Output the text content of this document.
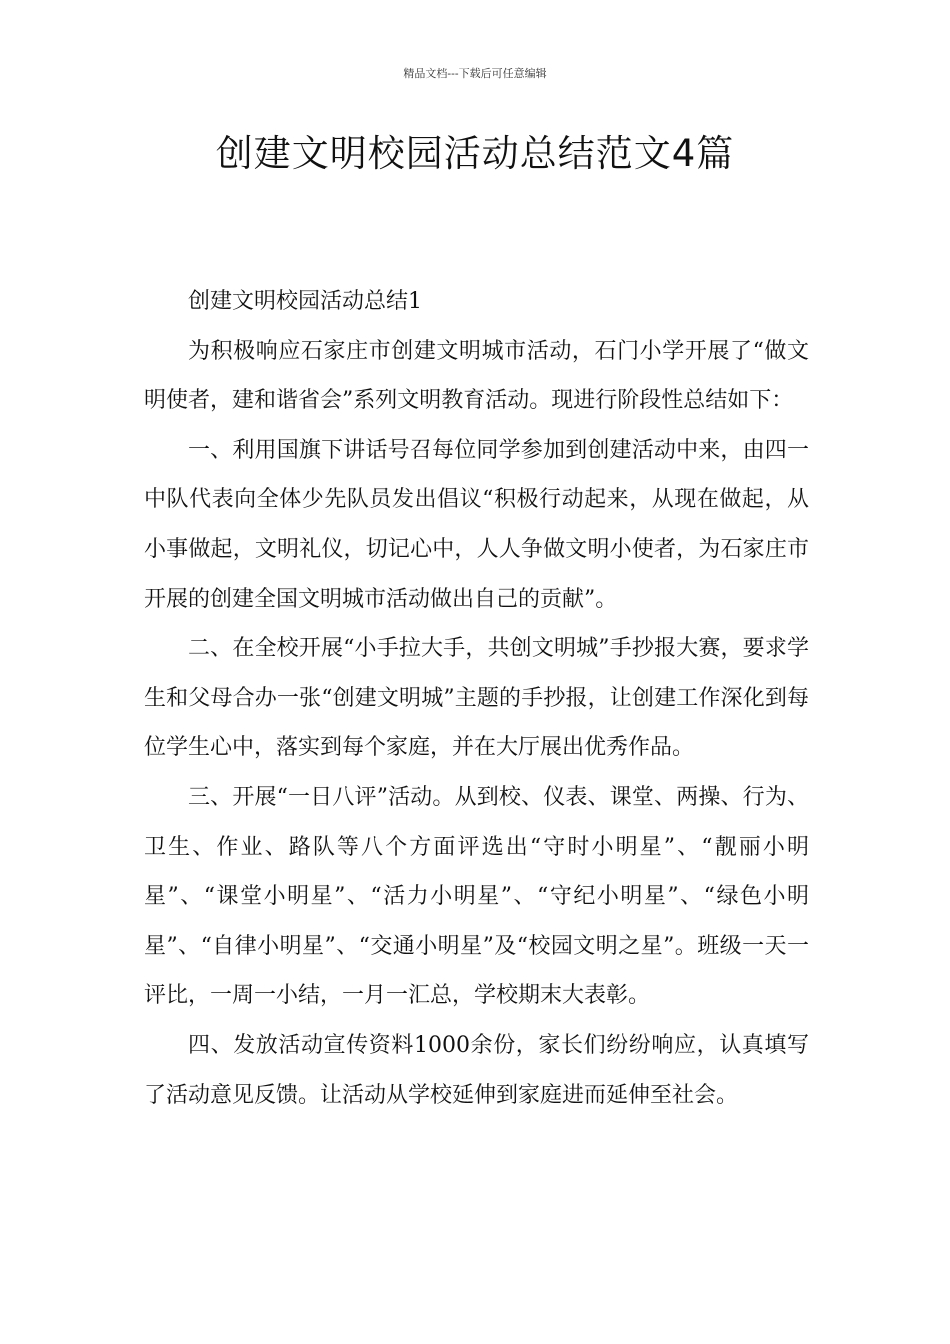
精品文档---下载后可任意编辑
创建文明校园活动总结范文4篇

创建文明校园活动总结1

为积极响应石家庄市创建文明城市活动，石门小学开展了“做文明使者，建和谐省会”系列文明教育活动。现进行阶段性总结如下：

一、利用国旗下讲话号召每位同学参加到创建活动中来，由四一中队代表向全体少先队员发出倡议“积极行动起来，从现在做起，从小事做起，文明礼仪，切记心中，人人争做文明小使者，为石家庄市开展的创建全国文明城市活动做出自己的贡献”。

二、在全校开展“小手拉大手，共创文明城”手抄报大赛，要求学生和父母合办一张“创建文明城”主题的手抄报，让创建工作深化到每位学生心中，落实到每个家庭，并在大厅展出优秀作品。

三、开展“一日八评”活动。从到校、仪表、课堂、两操、行为、卫生、作业、路队等八个方面评选出“守时小明星”、“靓丽小明星”、“课堂小明星”、“活力小明星”、“守纪小明星”、“绿色小明星”、“自律小明星”、“交通小明星”及“校园文明之星”。班级一天一评比，一周一小结，一月一汇总，学校期末大表彰。

四、发放活动宣传资料1000余份，家长们纷纷响应，认真填写了活动意见反馈。让活动从学校延伸到家庭进而延伸至社会。
